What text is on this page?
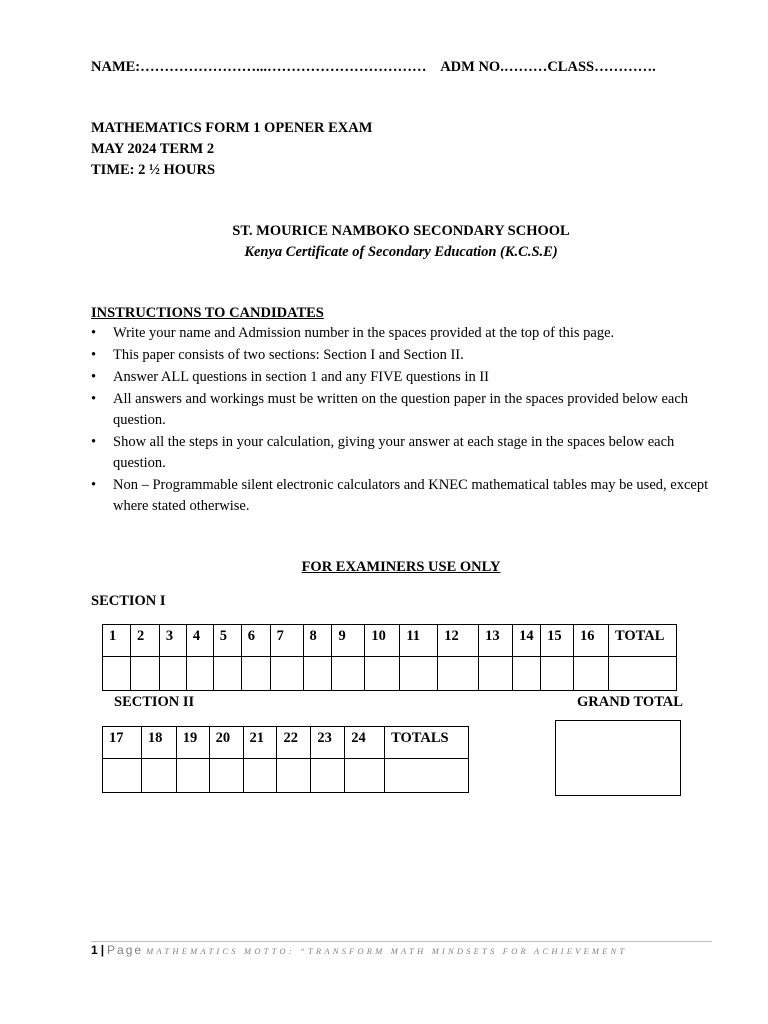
NAME:……………………...……………………………    ADM NO.………CLASS………….
MATHEMATICS FORM 1 OPENER EXAM
MAY 2024 TERM 2
TIME: 2 ½ HOURS
ST. MOURICE NAMBOKO SECONDARY SCHOOL
Kenya Certificate of Secondary Education (K.C.S.E)
INSTRUCTIONS TO CANDIDATES
• Write your name and Admission number in the spaces provided at the top of this page.
• This paper consists of two sections: Section I and Section II.
• Answer ALL questions in section 1 and any FIVE questions in II
• All answers and workings must be written on the question paper in the spaces provided below each question.
• Show all the steps in your calculation, giving your answer at each stage in the spaces below each question.
• Non – Programmable silent electronic calculators and KNEC mathematical tables may be used, except where stated otherwise.
FOR EXAMINERS USE ONLY
SECTION I
1	2	3	4	5	6	7	8	9	10	11	12	13	14	15	16	TOTAL

SECTION II	GRAND TOTAL
17	18	19	20	21	22	23	24	TOTALS

1 | Page MATHEMATICS MOTTO: “TRANSFORM MATH MINDSETS FOR ACHIEVEMENT
